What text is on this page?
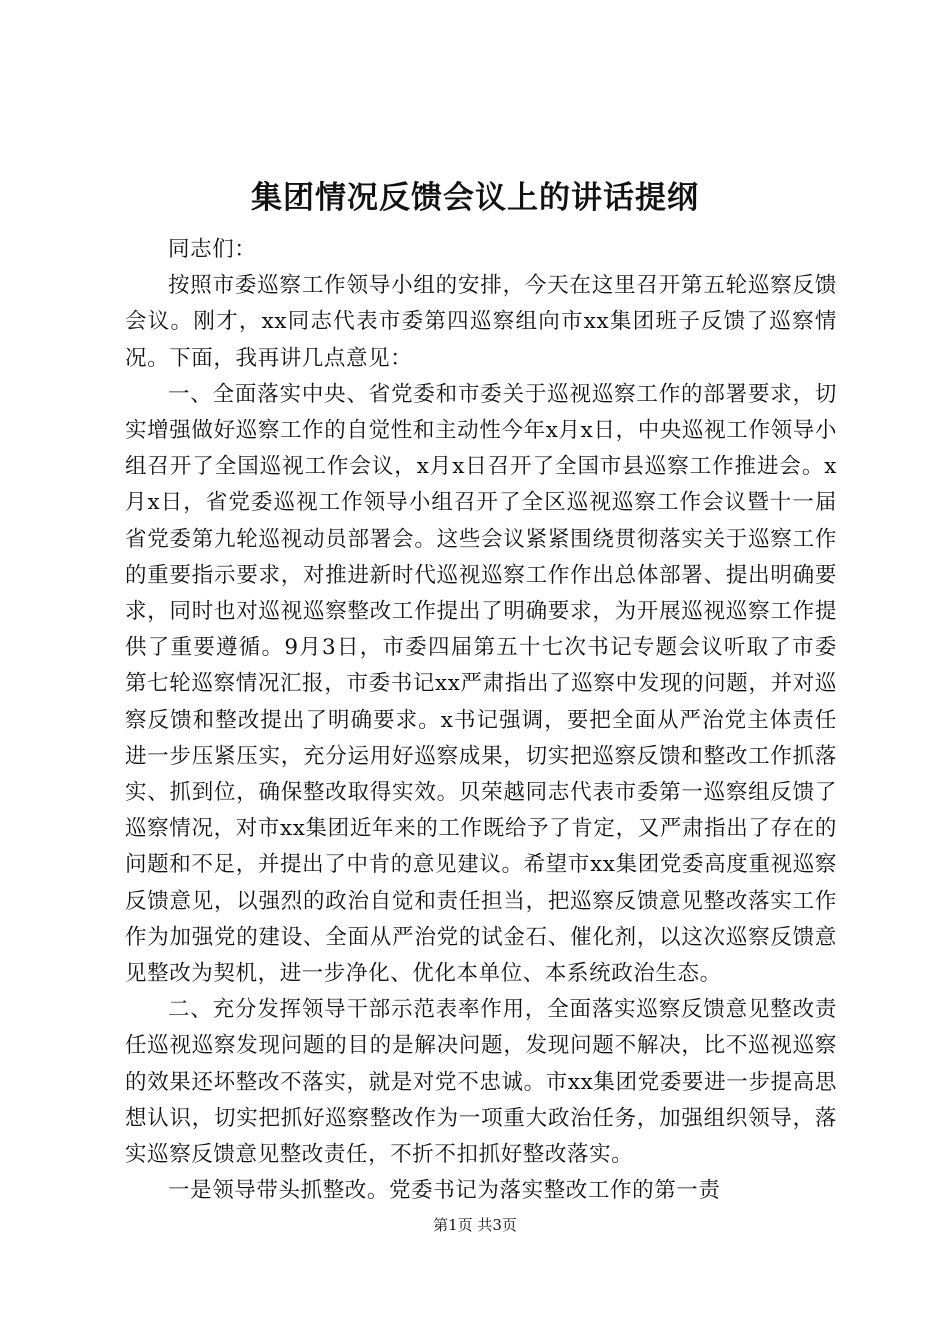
集团情况反馈会议上的讲话提纲

同志们：

按照市委巡察工作领导小组的安排，今天在这里召开第五轮巡察反馈会议。刚才，xx同志代表市委第四巡察组向市xx集团班子反馈了巡察情况。下面，我再讲几点意见：

一、全面落实中央、省党委和市委关于巡视巡察工作的部署要求，切实增强做好巡察工作的自觉性和主动性今年x月x日，中央巡视工作领导小组召开了全国巡视工作会议，x月x日召开了全国市县巡察工作推进会。x月x日，省党委巡视工作领导小组召开了全区巡视巡察工作会议暨十一届省党委第九轮巡视动员部署会。这些会议紧紧围绕贯彻落实关于巡察工作的重要指示要求，对推进新时代巡视巡察工作作出总体部署、提出明确要求，同时也对巡视巡察整改工作提出了明确要求，为开展巡视巡察工作提供了重要遵循。9月3日，市委四届第五十七次书记专题会议听取了市委第七轮巡察情况汇报，市委书记xx严肃指出了巡察中发现的问题，并对巡察反馈和整改提出了明确要求。x书记强调，要把全面从严治党主体责任进一步压紧压实，充分运用好巡察成果，切实把巡察反馈和整改工作抓落实、抓到位，确保整改取得实效。贝荣越同志代表市委第一巡察组反馈了巡察情况，对市xx集团近年来的工作既给予了肯定，又严肃指出了存在的问题和不足，并提出了中肯的意见建议。希望市xx集团党委高度重视巡察反馈意见，以强烈的政治自觉和责任担当，把巡察反馈意见整改落实工作作为加强党的建设、全面从严治党的试金石、催化剂，以这次巡察反馈意见整改为契机，进一步净化、优化本单位、本系统政治生态。

二、充分发挥领导干部示范表率作用，全面落实巡察反馈意见整改责任巡视巡察发现问题的目的是解决问题，发现问题不解决，比不巡视巡察的效果还坏整改不落实，就是对党不忠诚。市xx集团党委要进一步提高思想认识，切实把抓好巡察整改作为一项重大政治任务，加强组织领导，落实巡察反馈意见整改责任，不折不扣抓好整改落实。

一是领导带头抓整改。党委书记为落实整改工作的第一责

第1页 共3页
